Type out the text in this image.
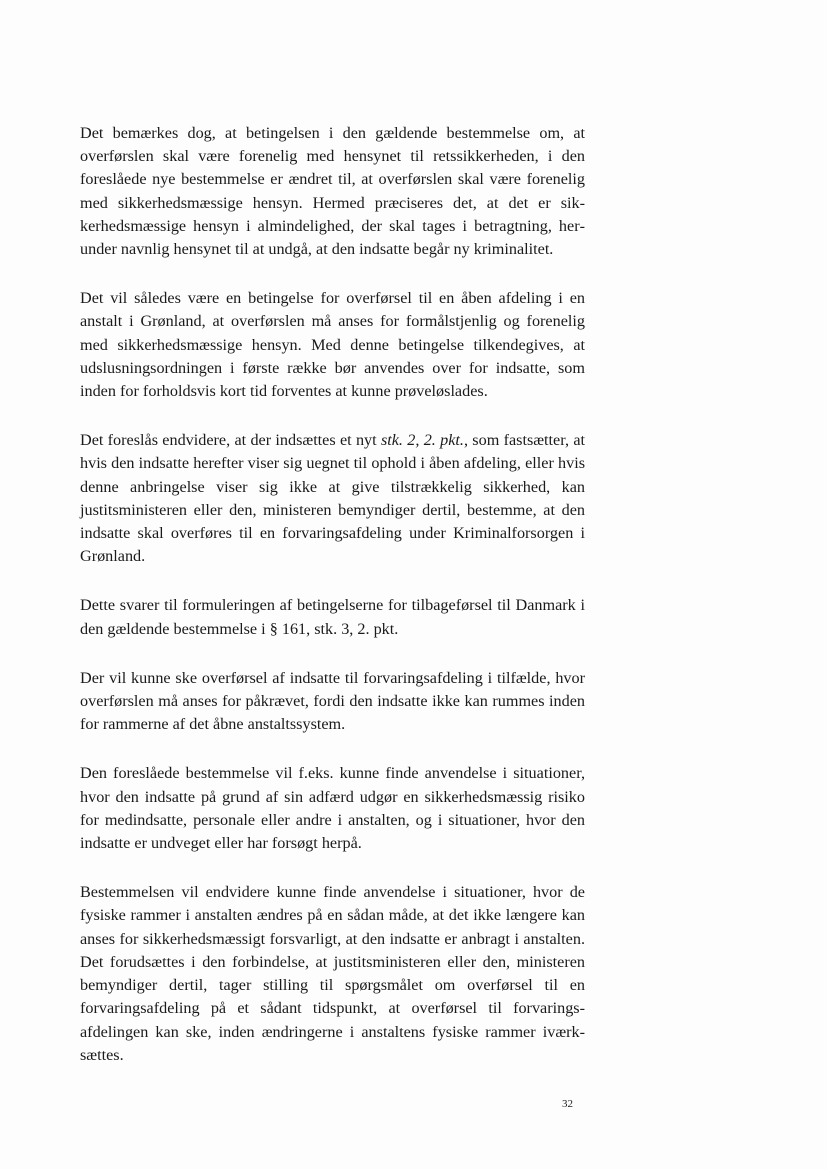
Det bemærkes dog, at betingelsen i den gældende bestemmelse om, at overførslen skal være forenelig med hensynet til retssikkerheden, i den foreslåede nye bestemmelse er ændret til, at overførslen skal være forenelig med sikkerhedsmæssige hensyn. Hermed præciseres det, at det er sikkerhedsmæssige hensyn i almindelighed, der skal tages i betragtning, herunder navnlig hensynet til at undgå, at den indsatte begår ny kriminalitet.

Det vil således være en betingelse for overførsel til en åben afdeling i en anstalt i Grønland, at overførslen må anses for formålstjenlig og forenelig med sikkerhedsmæssige hensyn. Med denne betingelse tilkendegives, at udslusningsordningen i første række bør anvendes over for indsatte, som inden for forholdsvis kort tid forventes at kunne prøveløslades.

Det foreslås endvidere, at der indsættes et nyt stk. 2, 2. pkt., som fastsætter, at hvis den indsatte herefter viser sig uegnet til ophold i åben afdeling, eller hvis denne anbringelse viser sig ikke at give tilstrækkelig sikkerhed, kan justitsministeren eller den, ministeren bemyndiger dertil, bestemme, at den indsatte skal overføres til en forvaringsafdeling under Kriminalforsorgen i Grønland.

Dette svarer til formuleringen af betingelserne for tilbageførsel til Danmark i den gældende bestemmelse i § 161, stk. 3, 2. pkt.

Der vil kunne ske overførsel af indsatte til forvaringsafdeling i tilfælde, hvor overførslen må anses for påkrævet, fordi den indsatte ikke kan rummes inden for rammerne af det åbne anstaltssystem.

Den foreslåede bestemmelse vil f.eks. kunne finde anvendelse i situationer, hvor den indsatte på grund af sin adfærd udgør en sikkerhedsmæssig risiko for medindsatte, personale eller andre i anstalten, og i situationer, hvor den indsatte er undveget eller har forsøgt herpå.

Bestemmelsen vil endvidere kunne finde anvendelse i situationer, hvor de fysiske rammer i anstalten ændres på en sådan måde, at det ikke længere kan anses for sikkerhedsmæssigt forsvarligt, at den indsatte er anbragt i anstalten. Det forudsættes i den forbindelse, at justitsministeren eller den, ministeren bemyndiger dertil, tager stilling til spørgsmålet om overførsel til en forvaringsafdeling på et sådant tidspunkt, at overførsel til forvaringsafdelingen kan ske, inden ændringerne i anstaltens fysiske rammer iværksættes.

32
